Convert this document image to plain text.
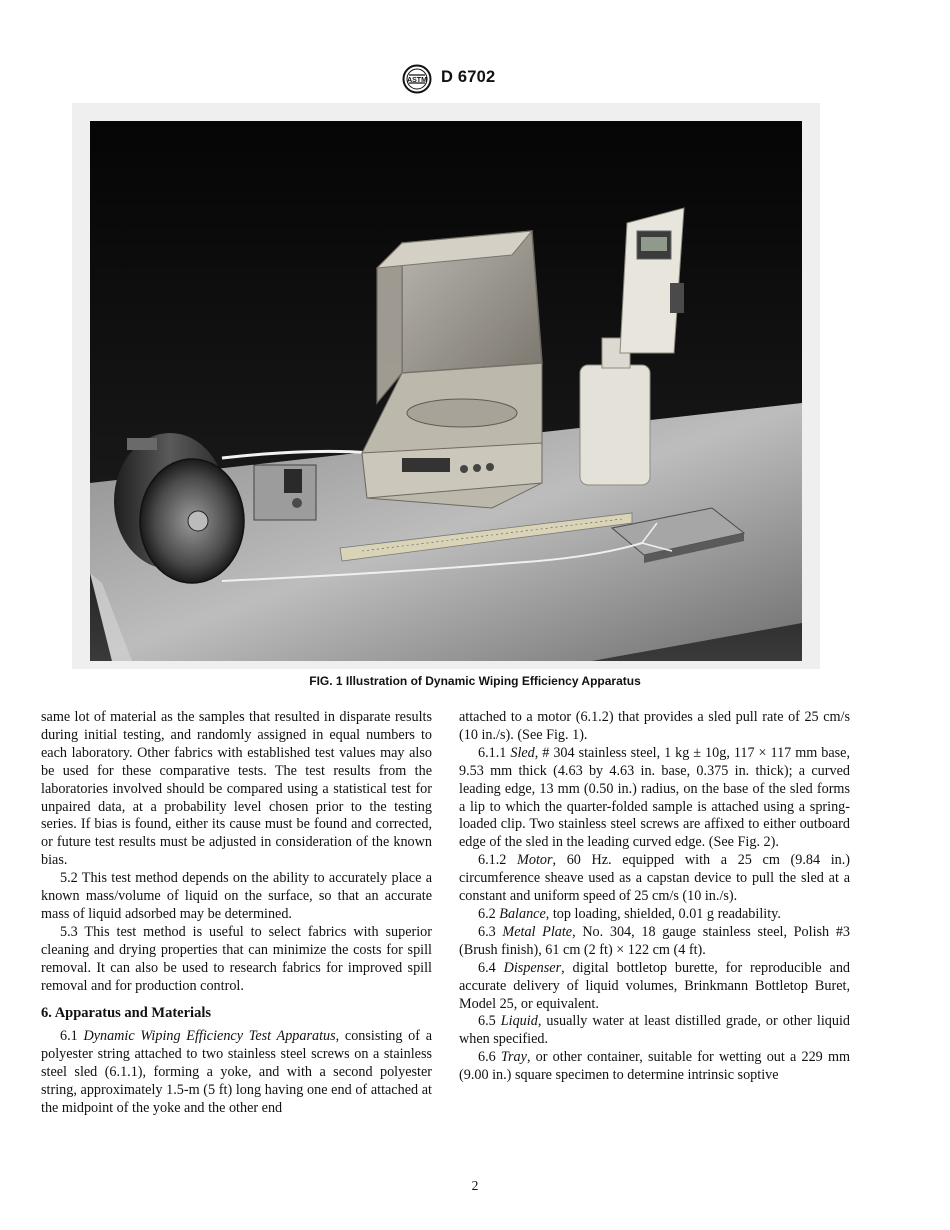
ASTM D 6702
FIG. 1 Illustration of Dynamic Wiping Efficiency Apparatus

same lot of material as the samples that resulted in disparate results during initial testing, and randomly assigned in equal numbers to each laboratory. Other fabrics with established test values may also be used for these comparative tests. The test results from the laboratories involved should be compared using a statistical test for unpaired data, at a probability level chosen prior to the testing series. If bias is found, either its cause must be found and corrected, or future test results must be adjusted in consideration of the known bias.

5.2 This test method depends on the ability to accurately place a known mass/volume of liquid on the surface, so that an accurate mass of liquid adsorbed may be determined.

5.3 This test method is useful to select fabrics with superior cleaning and drying properties that can minimize the costs for spill removal. It can also be used to research fabrics for improved spill removal and for production control.

6. Apparatus and Materials

6.1 Dynamic Wiping Efficiency Test Apparatus, consisting of a polyester string attached to two stainless steel screws on a stainless steel sled (6.1.1), forming a yoke, and with a second polyester string, approximately 1.5-m (5 ft) long having one end of attached at the midpoint of the yoke and the other end

attached to a motor (6.1.2) that provides a sled pull rate of 25 cm/s (10 in./s). (See Fig. 1).

6.1.1 Sled, # 304 stainless steel, 1 kg ± 10g, 117 × 117 mm base, 9.53 mm thick (4.63 by 4.63 in. base, 0.375 in. thick); a curved leading edge, 13 mm (0.50 in.) radius, on the base of the sled forms a lip to which the quarter-folded sample is attached using a spring-loaded clip. Two stainless steel screws are affixed to either outboard edge of the sled in the leading curved edge. (See Fig. 2).

6.1.2 Motor, 60 Hz. equipped with a 25 cm (9.84 in.) circumference sheave used as a capstan device to pull the sled at a constant and uniform speed of 25 cm/s (10 in./s).

6.2 Balance, top loading, shielded, 0.01 g readability.

6.3 Metal Plate, No. 304, 18 gauge stainless steel, Polish #3 (Brush finish), 61 cm (2 ft) × 122 cm (4 ft).

6.4 Dispenser, digital bottletop burette, for reproducible and accurate delivery of liquid volumes, Brinkmann Bottletop Buret, Model 25, or equivalent.

6.5 Liquid, usually water at least distilled grade, or other liquid when specified.

6.6 Tray, or other container, suitable for wetting out a 229 mm (9.00 in.) square specimen to determine intrinsic soptive

2
